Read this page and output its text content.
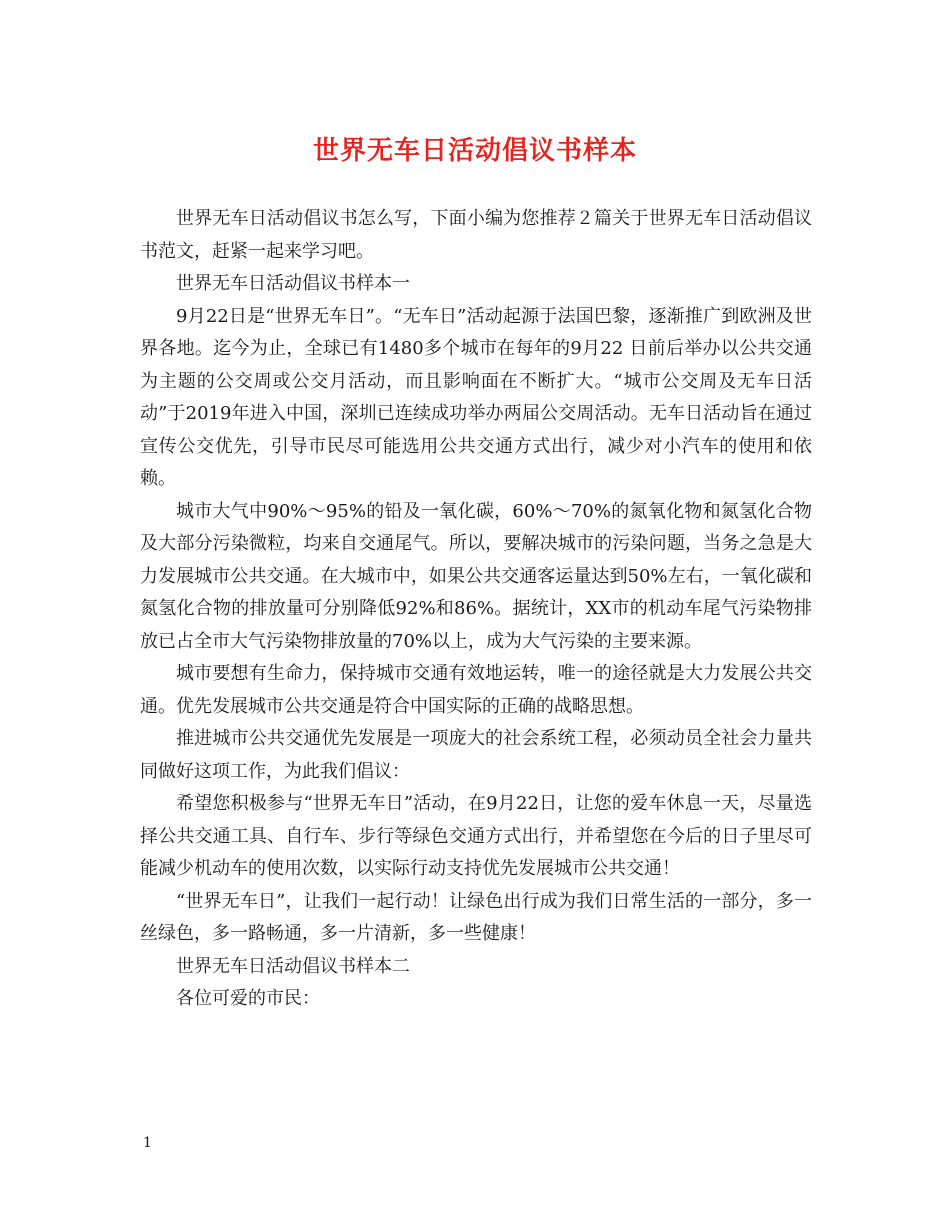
世界无车日活动倡议书样本

世界无车日活动倡议书怎么写，下面小编为您推荐２篇关于世界无车日活动倡议书范文，赶紧一起来学习吧。

世界无车日活动倡议书样本一

9月22日是“世界无车日”。“无车日”活动起源于法国巴黎，逐渐推广到欧洲及世界各地。迄今为止，全球已有1480多个城市在每年的9月22 日前后举办以公共交通为主题的公交周或公交月活动，而且影响面在不断扩大。“城市公交周及无车日活动”于2019年进入中国，深圳已连续成功举办两届公交周活动。无车日活动旨在通过宣传公交优先，引导市民尽可能选用公共交通方式出行，减少对小汽车的使用和依赖。

城市大气中90%～95%的铅及一氧化碳，60%～70%的氮氧化物和氮氢化合物及大部分污染微粒，均来自交通尾气。所以，要解决城市的污染问题，当务之急是大力发展城市公共交通。在大城市中，如果公共交通客运量达到50%左右，一氧化碳和氮氢化合物的排放量可分别降低92%和86%。据统计，XX市的机动车尾气污染物排放已占全市大气污染物排放量的70%以上，成为大气污染的主要来源。

城市要想有生命力，保持城市交通有效地运转，唯一的途径就是大力发展公共交通。优先发展城市公共交通是符合中国实际的正确的战略思想。

推进城市公共交通优先发展是一项庞大的社会系统工程，必须动员全社会力量共同做好这项工作，为此我们倡议：

希望您积极参与“世界无车日”活动，在9月22日，让您的爱车休息一天，尽量选择公共交通工具、自行车、步行等绿色交通方式出行，并希望您在今后的日子里尽可能减少机动车的使用次数，以实际行动支持优先发展城市公共交通！

“世界无车日”，让我们一起行动！让绿色出行成为我们日常生活的一部分，多一丝绿色，多一路畅通，多一片清新，多一些健康！

世界无车日活动倡议书样本二

各位可爱的市民：

1
